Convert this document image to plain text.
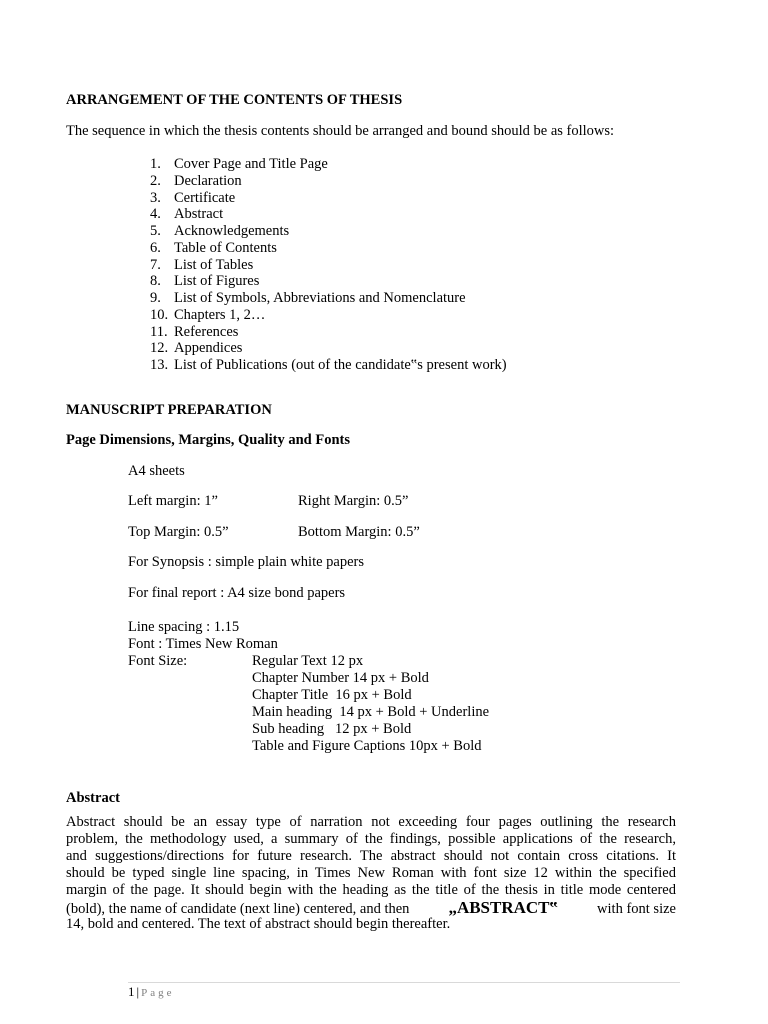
ARRANGEMENT OF THE CONTENTS OF THESIS
The sequence in which the thesis contents should be arranged and bound should be as follows:
1. Cover Page and Title Page
2. Declaration
3. Certificate
4. Abstract
5. Acknowledgements
6. Table of Contents
7. List of Tables
8. List of Figures
9. List of Symbols, Abbreviations and Nomenclature
10. Chapters 1, 2…
11. References
12. Appendices
13. List of Publications (out of the candidate‟s present work)
MANUSCRIPT PREPARATION
Page Dimensions, Margins, Quality and Fonts
A4 sheets
Left margin: 1”	Right Margin: 0.5”
Top Margin: 0.5”	Bottom Margin: 0.5”
For Synopsis : simple plain white papers
For final report : A4 size bond papers
Line spacing : 1.15
Font : Times New Roman
Font Size:	Regular Text 12 px
Chapter Number 14 px + Bold
Chapter Title  16 px + Bold
Main heading  14 px + Bold + Underline
Sub heading   12 px + Bold
Table and Figure Captions 10px + Bold
Abstract
Abstract should be an essay type of narration not exceeding four pages outlining the research
problem, the methodology used, a summary of the findings, possible applications of the research,
and suggestions/directions for future research. The abstract should not contain cross citations. It
should be typed single line spacing, in Times New Roman with font size 12 within the specified
margin of the page. It should begin with the heading as the title of the thesis in title mode centered
(bold), the name of candidate (next line) centered, and then „ABSTRACT‟	with font size
14, bold and centered. The text of abstract should begin thereafter.
1 | Page
